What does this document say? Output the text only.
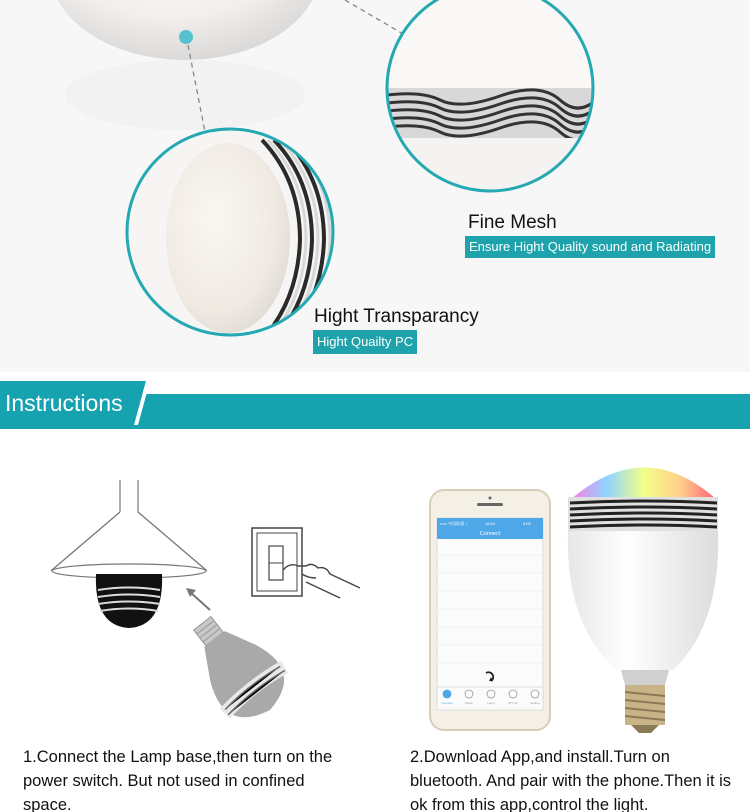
Fine Mesh
Ensure Hight Quality sound and Radiating
Hight Transparancy
Hight Quailty PC
Instructions
••••• 中国联通 ✓	16:04	51%
Connect
Connect	Music	Lamp	DIY Clr	Setting
1.Connect the Lamp base,then turn on the power switch. But not used in confined space.
2.Download App,and install.Turn on bluetooth. And pair with the phone.Then it is ok from this app,control the light.
